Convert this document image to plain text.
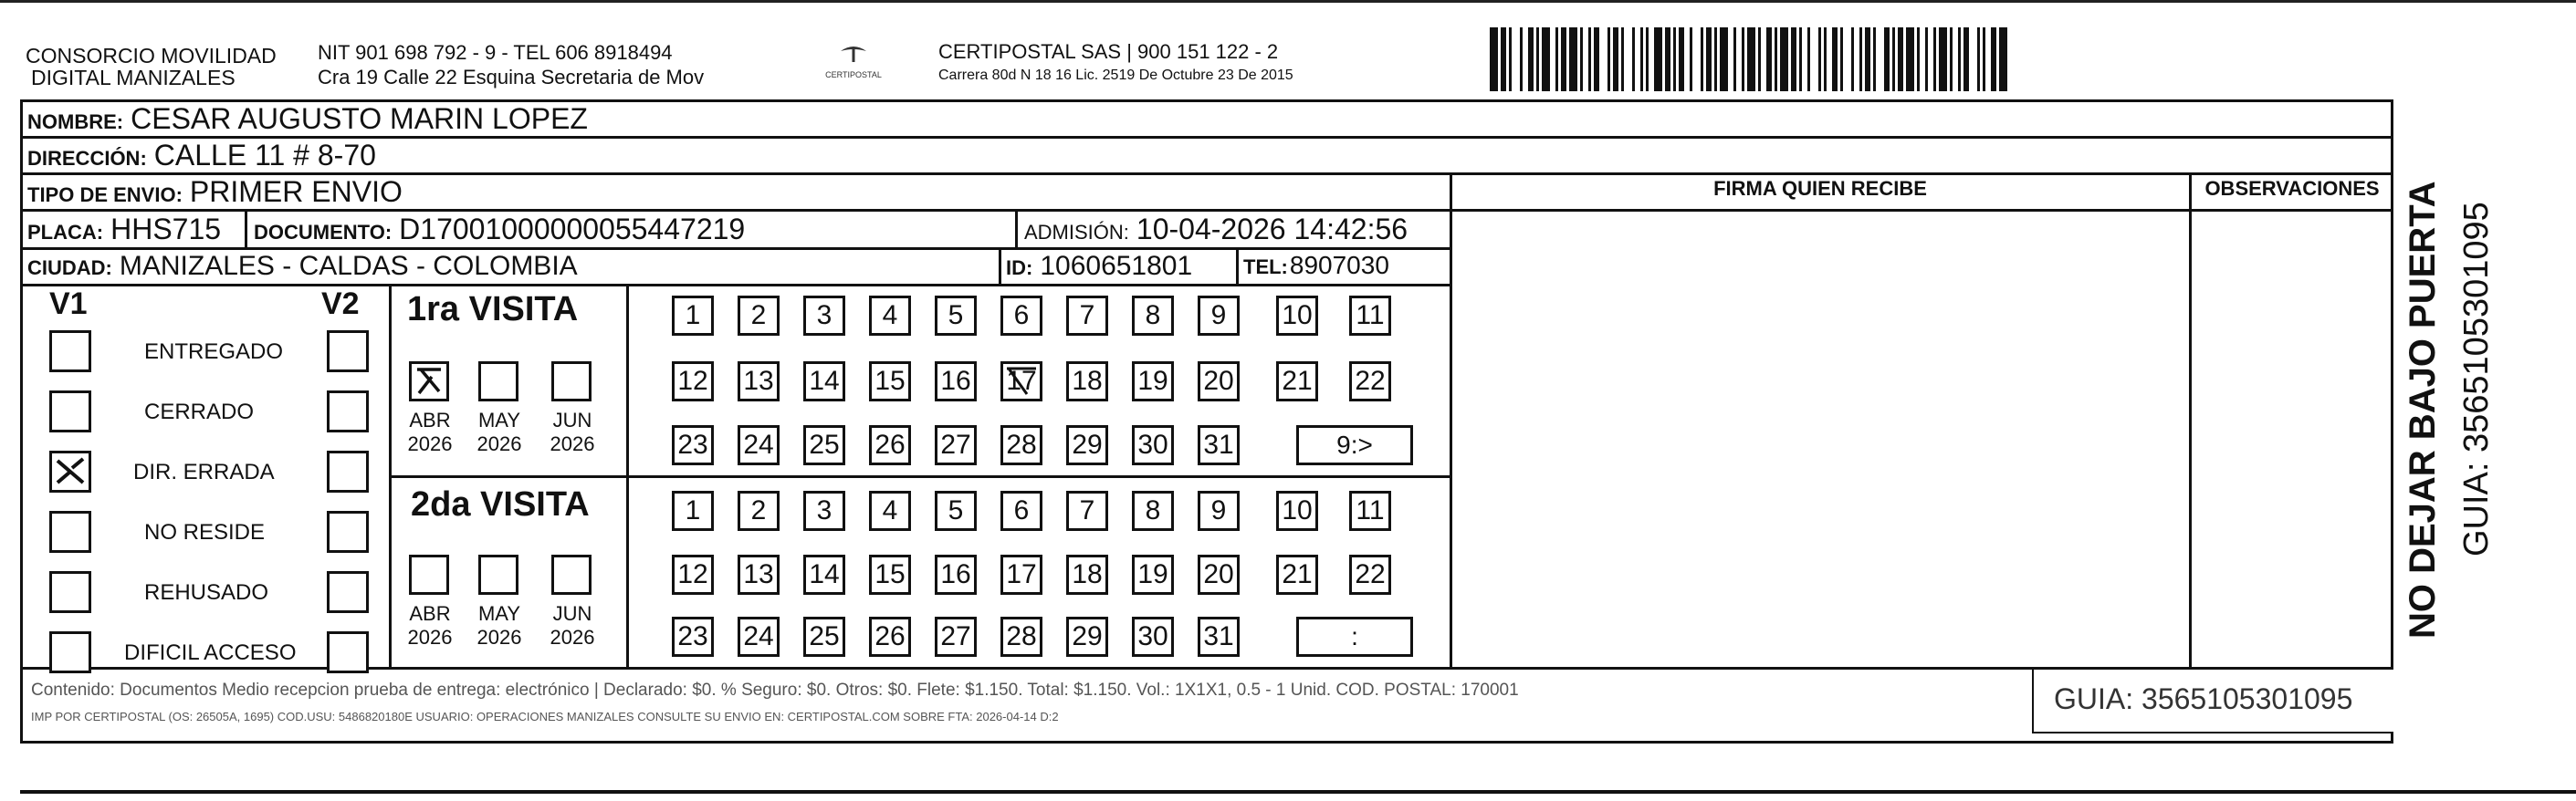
CONSORCIO MOVILIDAD
DIGITAL MANIZALES
NIT 901 698 792 - 9 - TEL 606 8918494
Cra 19 Calle 22 Esquina Secretaria de Mov	CERTIPOSTAL
CERTIPOSTAL SAS | 900 151 122 - 2
Carrera 80d N 18 16 Lic. 2519 De Octubre 23 De 2015
NOMBRE: CESAR AUGUSTO MARIN LOPEZ
DIRECCIÓN: CALLE 11 # 8-70
TIPO DE ENVIO: PRIMER ENVIO
PLACA: HHS715 DOCUMENTO: D17001000000055447219	ADMISIÓN: 10-04-2026 14:42:56
CIUDAD: MANIZALES - CALDAS - COLOMBIA	ID: 1060651801	TEL: 8907030
FIRMA QUIEN RECIBE	OBSERVACIONES
V1	V2
ENTREGADO
CERRADO
DIR. ERRADA
NO RESIDE
REHUSADO
DIFICIL ACCESO
1ra VISITA
ABR
2026
MAY
2026
JUN
2026
1 2 3 4 5 6 7 8 9 10 11
12 13 14 15 16 17 18 19 20 21 22
23 24 25 26 27 28 29 30 31	9:>
2da VISITA
ABR
2026
MAY
2026
JUN
2026
1 2 3 4 5 6 7 8 9 10 11
12 13 14 15 16 17 18 19 20 21 22
23 24 25 26 27 28 29 30 31	:
Contenido: Documentos Medio recepcion prueba de entrega: electrónico | Declarado: $0. % Seguro: $0. Otros: $0. Flete: $1.150. Total: $1.150. Vol.: 1X1X1, 0.5 - 1 Unid. COD. POSTAL: 170001
IMP POR CERTIPOSTAL (OS: 26505A, 1695) COD.USU: 5486820180E USUARIO: OPERACIONES MANIZALES CONSULTE SU ENVIO EN: CERTIPOSTAL.COM SOBRE FTA: 2026-04-14 D:2
GUIA: 3565105301095
NO DEJAR BAJO PUERTA GUIA: 3565105301095
